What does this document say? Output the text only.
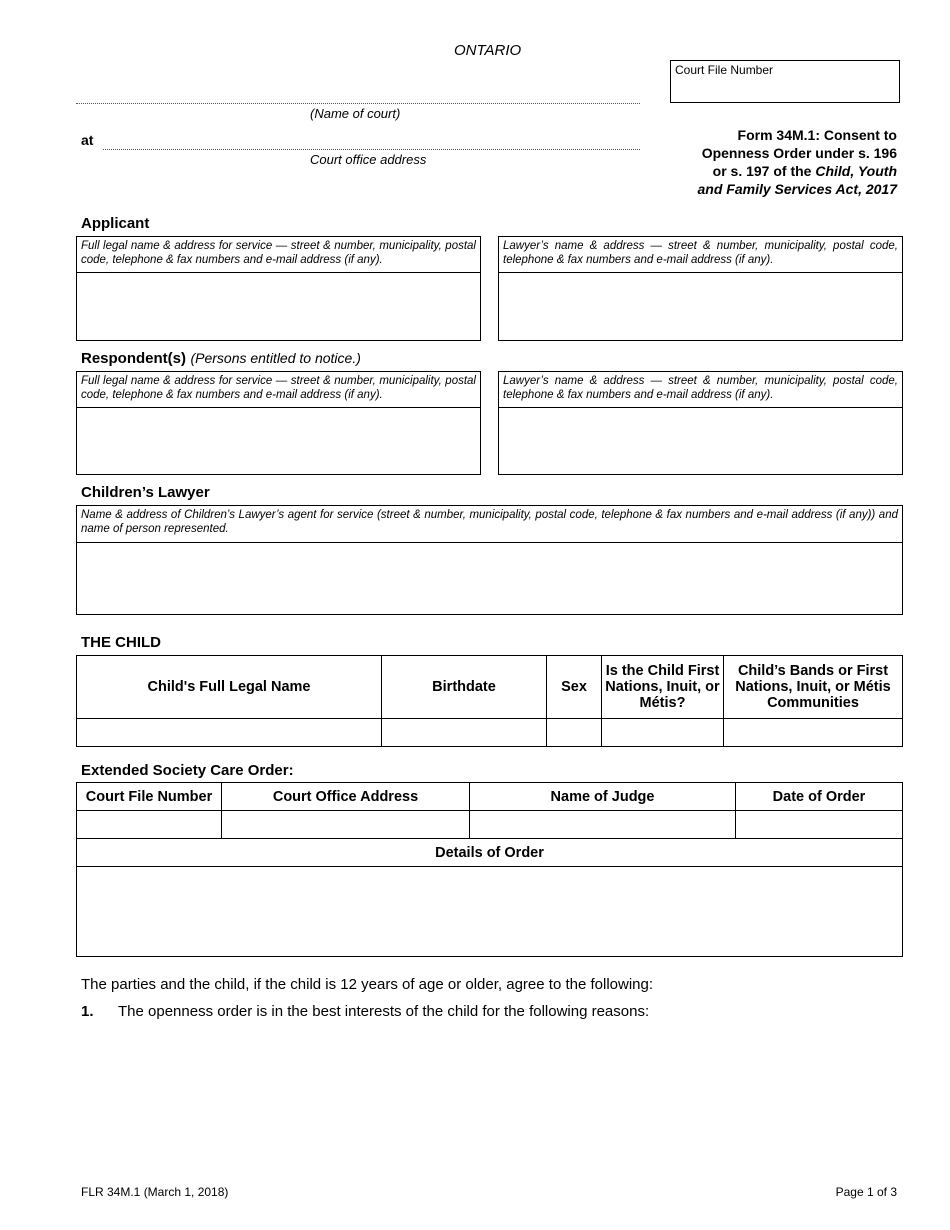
ONTARIO
Court File Number
(Name of court)
at
Court office address
Form 34M.1: Consent to
Openness Order under s. 196
or s. 197 of the Child, Youth
and Family Services Act, 2017
Applicant
Full legal name & address for service — street & number, municipality, postal code, telephone & fax numbers and e-mail address (if any).
Lawyer’s name & address — street & number, municipality, postal code, telephone & fax numbers and e-mail address (if any).
Respondent(s) (Persons entitled to notice.)
Full legal name & address for service — street & number, municipality, postal code, telephone & fax numbers and e-mail address (if any).
Lawyer’s name & address — street & number, municipality, postal code, telephone & fax numbers and e-mail address (if any).
Children’s Lawyer
Name & address of Children’s Lawyer’s agent for service (street & number, municipality, postal code, telephone & fax numbers and e-mail address (if any)) and name of person represented.
THE CHILD
Child's Full Legal Name	Birthdate	Sex	Is the Child First Nations, Inuit, or Métis?	Child’s Bands or First Nations, Inuit, or Métis Communities

Extended Society Care Order:
Court File Number	Court Office Address	Name of Judge	Date of Order

Details of Order			

The parties and the child, if the child is 12 years of age or older, agree to the following:
1. The openness order is in the best interests of the child for the following reasons:
FLR 34M.1 (March 1, 2018)	Page 1 of 3
